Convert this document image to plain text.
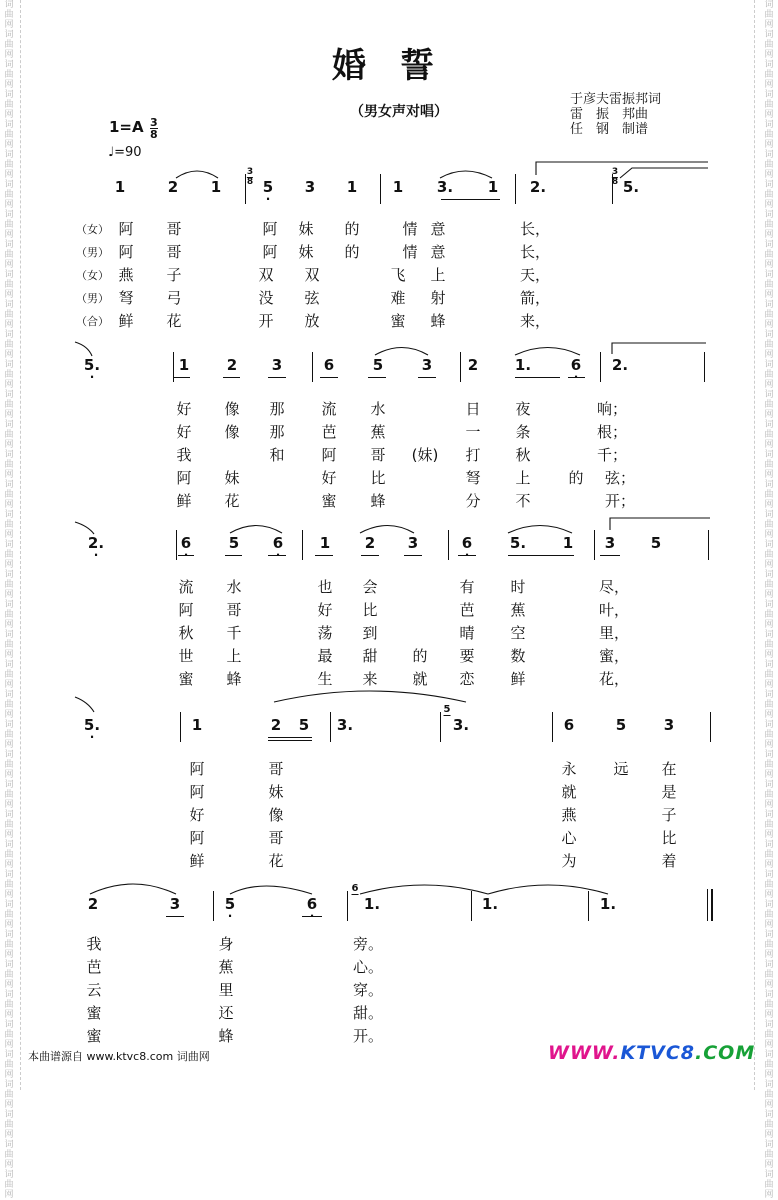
词曲网词曲网词曲网词曲网词曲网词曲网词曲网词曲网词曲网词曲网词曲网词曲网词曲网词曲网词曲网词曲网词曲网词曲网词曲网词曲网词曲网词曲网词曲网词曲网词曲网词曲网词曲网词曲网词曲网词曲网词曲网词曲网词曲网词曲网词曲网词曲网词曲网词曲网词曲网词曲网
词曲网词曲网词曲网词曲网词曲网词曲网词曲网词曲网词曲网词曲网词曲网词曲网词曲网词曲网词曲网词曲网词曲网词曲网词曲网词曲网词曲网词曲网词曲网词曲网词曲网词曲网词曲网词曲网词曲网词曲网词曲网词曲网词曲网词曲网词曲网词曲网词曲网词曲网词曲网词曲网
婚誓
（男女声对唱）
于彦夫雷振邦词
雷　振　邦曲
任　钢　制谱
1=A 3
8
♩=90
1	2 1	5
·
3 1 1 3. 1 2.	5.
3
8
3
8
（女） 阿 哥	阿 妹 的	情 意	长，
（男） 阿 哥	阿 妹 的	情 意	长，
（女） 燕 子	双 双	飞 上	天，
（男） 弩 弓	没 弦	难 射	箭，
（合） 鲜 花	开 放	蜜 蜂	来，
5.
·
1	2 3	6	5	3 2 1.	6 2.
好 像 那 流 水	日 夜	响；
好 像 那 芭 蕉	一 条	根；
我	和 阿 哥 (妹) 打 秋	千；
阿 妹	好 比	弩 上	的 弦；
鲜 花	蜜 蜂	分 不	开；
2.
·
6	5 6 1 2 3	6	5. 1 3 5
流 水	也 会	有 时	尽，
阿 哥	好 比	芭 蕉	叶，
秋 千	荡 到	晴 空	里，
世 上	最 甜 的 要 数	蜜，
蜜 蜂	生 来 就 恋 鲜	花，
5.
·
1	2 5 3.	3.	6	5	3
5
阿	哥	永 远 在
阿	妹	就	是
好	像	燕	子
阿	哥	心	比
鲜	花	为	着
2	3	5
·
6	1.	1.	1.
6
我	身	旁。
芭	蕉	心。
云	里	穿。
蜜	还	甜。
蜜	蜂	开。
本曲谱源自 www.ktvc8.com 词曲网	WWW.KTVC8.COM
